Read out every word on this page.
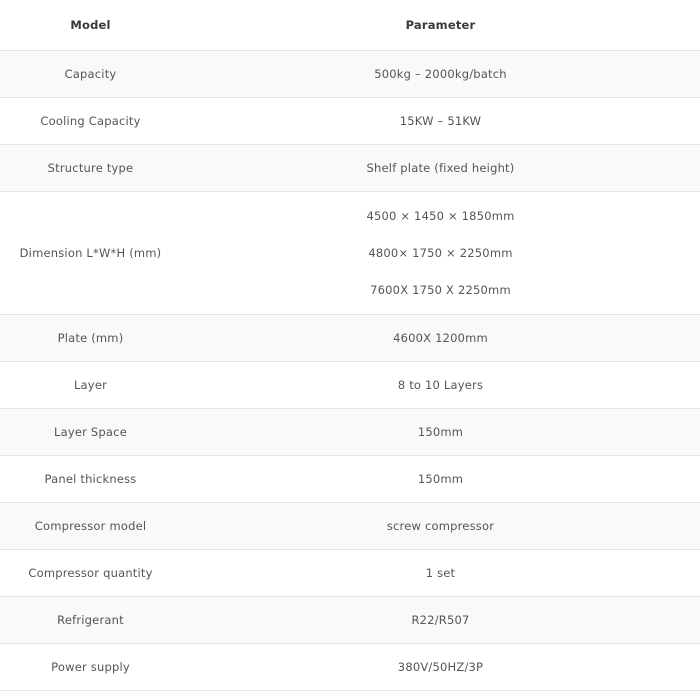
Model	Parameter
Capacity	500kg – 2000kg/batch
Cooling Capacity	15KW – 51KW
Structure type	Shelf plate (fixed height)
Dimension L*W*H (mm)	4500 × 1450 × 1850mm
4800× 1750 × 2250mm
7600X 1750 X 2250mm

Plate (mm)	4600X 1200mm
Layer	8 to 10 Layers
Layer Space	150mm
Panel thickness	150mm
Compressor model	screw compressor
Compressor quantity	1 set
Refrigerant	R22/R507
Power supply	380V/50HZ/3P
